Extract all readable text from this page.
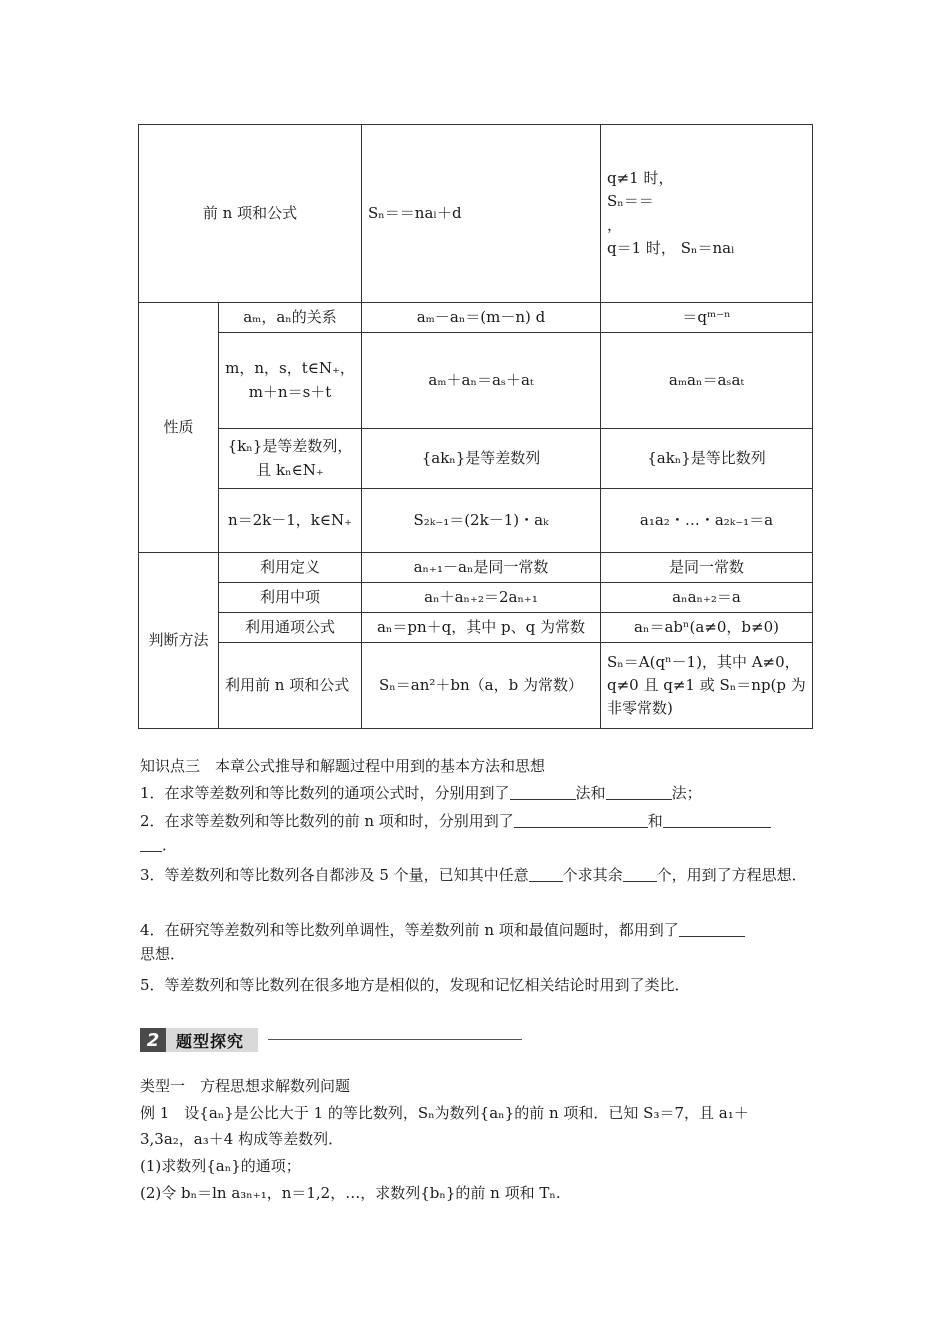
前 n 项和公式		Sₙ＝＝naₗ＋d	q≠1 时，
Sₙ＝＝
，
q＝1 时， Sₙ＝naₗ

性质	aₘ，aₙ的关系	aₘ－aₙ＝(m－n) d	＝qᵐ⁻ⁿ
	m，n，s，t∈N₊，m＋n＝s＋t	aₘ＋aₙ＝aₛ＋aₜ	aₘaₙ＝aₛaₜ
	{kₙ}是等差数列，且 kₙ∈N₊	{akₙ}是等差数列	{akₙ}是等比数列
	n＝2k－1，k∈N₊	S₂ₖ₋₁＝(2k－1)・aₖ	a₁a₂・…・a₂ₖ₋₁＝a
判断方法	利用定义	aₙ₊₁－aₙ是同一常数	是同一常数
	利用中项	aₙ＋aₙ₊₂＝2aₙ₊₁	aₙaₙ₊₂＝a
	利用通项公式	aₙ＝pn＋q，其中 p、q 为常数	aₙ＝abⁿ(a≠0，b≠0)
	利用前 n 项和公式	Sₙ＝an²＋bn（a，b 为常数）	Sₙ＝A(qⁿ－1)，其中 A≠0，q≠0 且 q≠1 或 Sₙ＝np(p 为非零常数)
知识点三　本章公式推导和解题过程中用到的基本方法和思想
1．在求等差数列和等比数列的通项公式时，分别用到了	法和	法；
2．在求等差数列和等比数列的前 n 项和时，分别用到了	和
．
3．等差数列和等比数列各自都涉及 5 个量，已知其中任意 个求其余 个，用到了方程思想．
4．在研究等差数列和等比数列单调性，等差数列前 n 项和最值问题时，都用到了
思想．
5．等差数列和等比数列在很多地方是相似的，发现和记忆相关结论时用到了类比．
2	题型探究
类型一　方程思想求解数列问题
例 1　设{aₙ}是公比大于 1 的等比数列，Sₙ为数列{aₙ}的前 n 项和．已知 S₃＝7，且 a₁＋
3,3a₂，a₃＋4 构成等差数列．
(1)求数列{aₙ}的通项；
(2)令 bₙ＝ln a₃ₙ₊₁，n＝1,2，…，求数列{bₙ}的前 n 项和 Tₙ.
